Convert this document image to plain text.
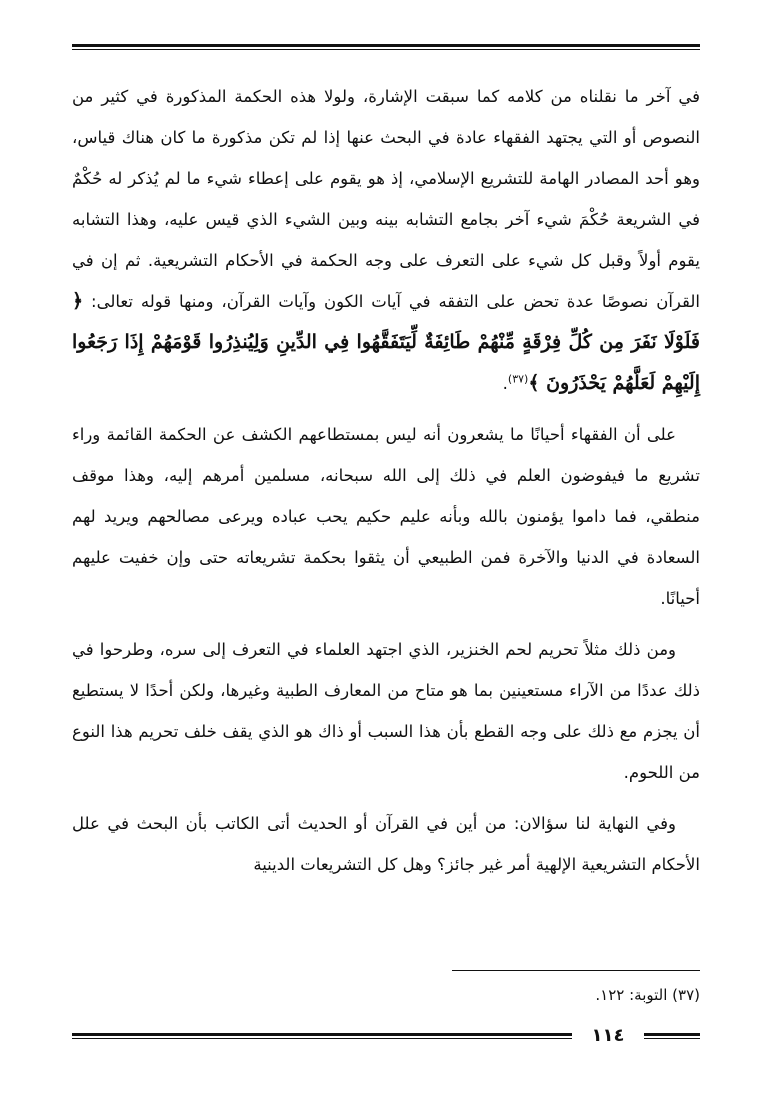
في آخر ما نقلناه من كلامه كما سبقت الإشارة، ولولا هذه الحكمة المذكورة في كثير من النصوص أو التي يجتهد الفقهاء عادة في البحث عنها إذا لم تكن مذكورة ما كان هناك قياس، وهو أحد المصادر الهامة للتشريع الإسلامي، إذ هو يقوم على إعطاء شيء ما لم يُذكر له حُكْمٌ في الشريعة حُكْمَ شيء آخر بجامع التشابه بينه وبين الشيء الذي قيس عليه، وهذا التشابه يقوم أولاً وقبل كل شيء على التعرف على وجه الحكمة في الأحكام التشريعية. ثم إن في القرآن نصوصًا عدة تحض على التفقه في آيات الكون وآيات القرآن، ومنها قوله تعالى: ﴿ فَلَوْلَا نَفَرَ مِن كُلِّ فِرْقَةٍ مِّنْهُمْ طَائِفَةٌ لِّيَتَفَقَّهُوا فِي الدِّينِ وَلِيُنذِرُوا قَوْمَهُمْ إِذَا رَجَعُوا إِلَيْهِمْ لَعَلَّهُمْ يَحْذَرُونَ ﴾$^{(٣٧)}$.

على أن الفقهاء أحيانًا ما يشعرون أنه ليس بمستطاعهم الكشف عن الحكمة القائمة وراء تشريع ما فيفوضون العلم في ذلك إلى الله سبحانه، مسلمين أمرهم إليه، وهذا موقف منطقي، فما داموا يؤمنون بالله وبأنه عليم حكيم يحب عباده ويرعى مصالحهم ويريد لهم السعادة في الدنيا والآخرة فمن الطبيعي أن يثقوا بحكمة تشريعاته حتى وإن خفيت عليهم أحيانًا.

ومن ذلك مثلاً تحريم لحم الخنزير، الذي اجتهد العلماء في التعرف إلى سره، وطرحوا في ذلك عددًا من الآراء مستعينين بما هو متاح من المعارف الطبية وغيرها، ولكن أحدًا لا يستطيع أن يجزم مع ذلك على وجه القطع بأن هذا السبب أو ذاك هو الذي يقف خلف تحريم هذا النوع من اللحوم.

وفي النهاية لنا سؤالان: من أين في القرآن أو الحديث أتى الكاتب بأن البحث في علل الأحكام التشريعية الإلهية أمر غير جائز؟ وهل كل التشريعات الدينية

(٣٧) التوبة: ١٢٢.
١١٤
